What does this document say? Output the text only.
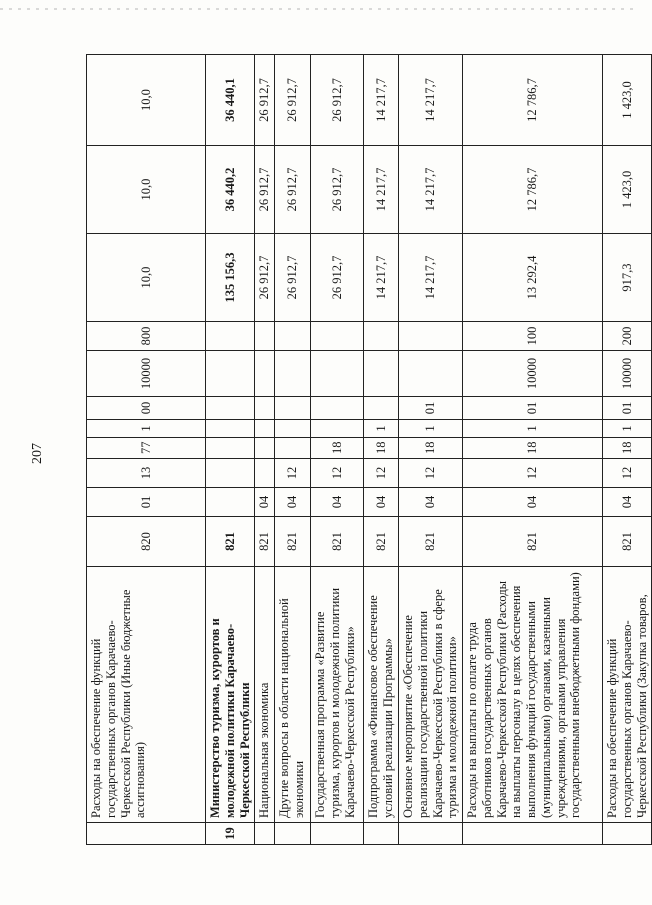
207
	Расходы на обеспечение функций государственных органов Карачаево-Черкесской Республики (Иные бюджетные ассигнования)	820	01	13	77	1	00	10000	800	10,0	10,0	10,0
19	Министерство туризма, курортов и молодежной политики Карачаево-Черкесской Республики	821								135 156,3	36 440,2	36 440,1
	Национальная экономика	821	04							26 912,7	26 912,7	26 912,7
	Другие вопросы в области национальной экономики	821	04	12						26 912,7	26 912,7	26 912,7
	Государственная программа «Развитие туризма, курортов и молодежной политики Карачаево-Черкесской Республики»	821	04	12	18					26 912,7	26 912,7	26 912,7
	Подпрограмма «Финансовое обеспечение условий реализации Программы»	821	04	12	18	1				14 217,7	14 217,7	14 217,7
	Основное мероприятие «Обеспечение реализации государственной политики Карачаево-Черкесской Республики в сфере туризма и молодежной политики»	821	04	12	18	1	01			14 217,7	14 217,7	14 217,7
	Расходы на выплаты по оплате труда работников государственных органов Карачаево-Черкесской Республики (Расходы на выплаты персоналу в целях обеспечения выполнения функций государственными (муниципальными) органами, казенными учреждениями, органами управления государственными внебюджетными фондами)	821	04	12	18	1	01	10000	100	13 292,4	12 786,7	12 786,7
	Расходы на обеспечение функций государственных органов Карачаево-Черкесской Республики (Закупка товаров,	821	04	12	18	1	01	10000	200	917,3	1 423,0	1 423,0
